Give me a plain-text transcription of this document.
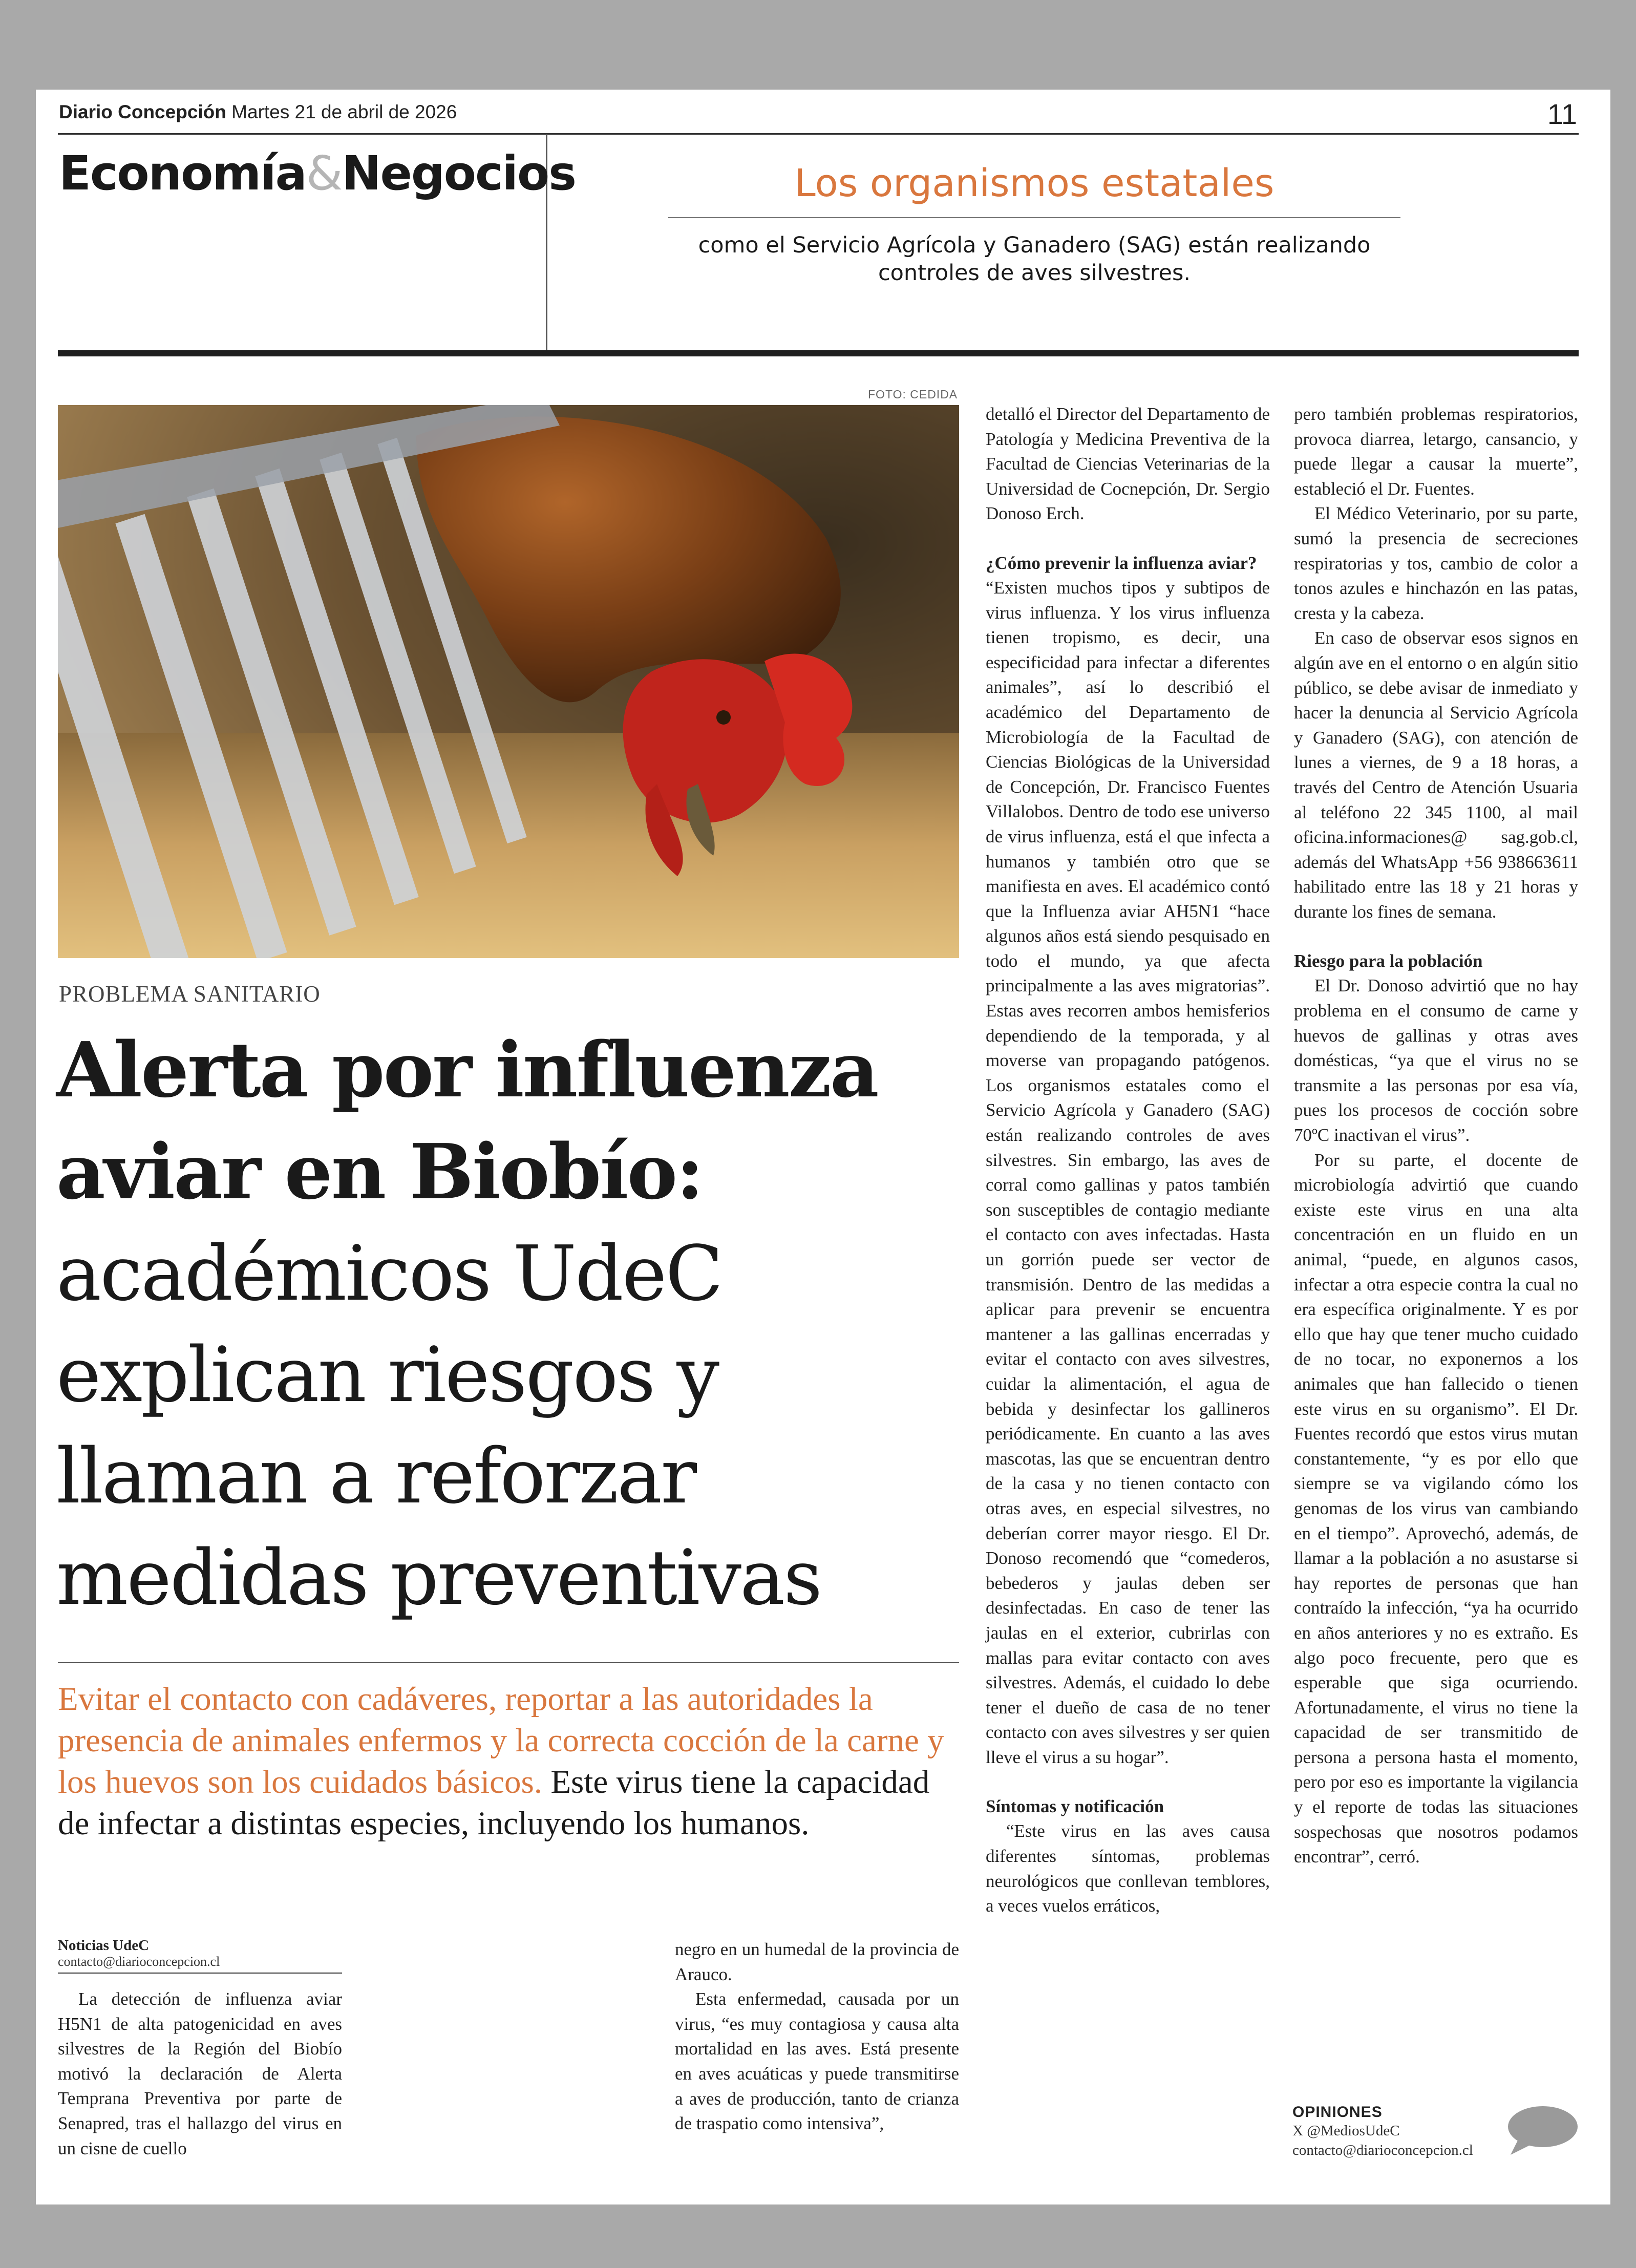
Diario Concepción Martes 21 de abril de 2026	11
Economía&Negocios	Los organismos estatales
como el Servicio Agrícola y Ganadero (SAG) están realizando controles de aves silvestres.
FOTO: CEDIDA
PROBLEMA SANITARIO
Alerta por influenza aviar en Biobío: académicos UdeC explican riesgos y llaman a reforzar medidas preventivas
Evitar el contacto con cadáveres, reportar a las autoridades la presencia de animales enfermos y la correcta cocción de la carne y los huevos son los cuidados básicos. Este virus tiene la capacidad de infectar a distintas especies, incluyendo los humanos.
Noticias UdeC
contacto@diarioconcepcion.cl

La detección de influenza aviar H5N1 de alta patogenicidad en aves silvestres de la Región del Biobío motivó la declaración de Alerta Temprana Preventiva por parte de Senapred, tras el hallazgo del virus en un cisne de cuello

negro en un humedal de la provincia de Arauco.

Esta enfermedad, causada por un virus, “es muy contagiosa y causa alta mortalidad en las aves. Está presente en aves acuáticas y puede transmitirse a aves de producción, tanto de crianza de traspatio como intensiva”,

detalló el Director del Departamento de Patología y Medicina Preventiva de la Facultad de Ciencias Veterinarias de la Universidad de Cocnepción, Dr. Sergio Donoso Erch.

¿Cómo prevenir la influenza aviar?

“Existen muchos tipos y subtipos de virus influenza. Y los virus influenza tienen tropismo, es decir, una especificidad para infectar a diferentes animales”, así lo describió el académico del Departamento de Microbiología de la Facultad de Ciencias Biológicas de la Universidad de Concepción, Dr. Francisco Fuentes Villalobos. Dentro de todo ese universo de virus influenza, está el que infecta a humanos y también otro que se manifiesta en aves. El académico contó que la Influenza aviar AH5N1 “hace algunos años está siendo pesquisado en todo el mundo, ya que afecta principalmente a las aves migratorias”. Estas aves recorren ambos hemisferios dependiendo de la temporada, y al moverse van propagando patógenos. Los organismos estatales como el Servicio Agrícola y Ganadero (SAG) están realizando controles de aves silvestres. Sin embargo, las aves de corral como gallinas y patos también son susceptibles de contagio mediante el contacto con aves infectadas. Hasta un gorrión puede ser vector de transmisión. Dentro de las medidas a aplicar para prevenir se encuentra mantener a las gallinas encerradas y evitar el contacto con aves silvestres, cuidar la alimentación, el agua de bebida y desinfectar los gallineros periódicamente. En cuanto a las aves mascotas, las que se encuentran dentro de la casa y no tienen contacto con otras aves, en especial silvestres, no deberían correr mayor riesgo. El Dr. Donoso recomendó que “comederos, bebederos y jaulas deben ser desinfectadas. En caso de tener las jaulas en el exterior, cubrirlas con mallas para evitar contacto con aves silvestres. Además, el cuidado lo debe tener el dueño de casa de no tener contacto con aves silvestres y ser quien lleve el virus a su hogar”.

Síntomas y notificación

“Este virus en las aves causa diferentes síntomas, problemas neurológicos que conllevan temblores, a veces vuelos erráticos,

pero también problemas respiratorios, provoca diarrea, letargo, cansancio, y puede llegar a causar la muerte”, estableció el Dr. Fuentes.

El Médico Veterinario, por su parte, sumó la presencia de secreciones respiratorias y tos, cambio de color a tonos azules e hinchazón en las patas, cresta y la cabeza.

En caso de observar esos signos en algún ave en el entorno o en algún sitio público, se debe avisar de inmediato y hacer la denuncia al Servicio Agrícola y Ganadero (SAG), con atención de lunes a viernes, de 9 a 18 horas, a través del Centro de Atención Usuaria al teléfono 22 345 1100, al mail oficina.informaciones@ sag.gob.cl, además del WhatsApp +56 938663611 habilitado entre las 18 y 21 horas y durante los fines de semana.

Riesgo para la población

El Dr. Donoso advirtió que no hay problema en el consumo de carne y huevos de gallinas y otras aves domésticas, “ya que el virus no se transmite a las personas por esa vía, pues los procesos de cocción sobre 70ºC inactivan el virus”.

Por su parte, el docente de microbiología advirtió que cuando existe este virus en una alta concentración en un fluido en un animal, “puede, en algunos casos, infectar a otra especie contra la cual no era específica originalmente. Y es por ello que hay que tener mucho cuidado de no tocar, no exponernos a los animales que han fallecido o tienen este virus en su organismo”. El Dr. Fuentes recordó que estos virus mutan constantemente, “y es por ello que siempre se va vigilando cómo los genomas de los virus van cambiando en el tiempo”. Aprovechó, además, de llamar a la población a no asustarse si hay reportes de personas que han contraído la infección, “ya ha ocurrido en años anteriores y no es extraño. Es algo poco frecuente, pero que es esperable que siga ocurriendo. Afortunadamente, el virus no tiene la capacidad de ser transmitido de persona a persona hasta el momento, pero por eso es importante la vigilancia y el reporte de todas las situaciones sospechosas que nosotros podamos encontrar”, cerró.

OPINIONES
X @MediosUdeC
contacto@diarioconcepcion.cl
